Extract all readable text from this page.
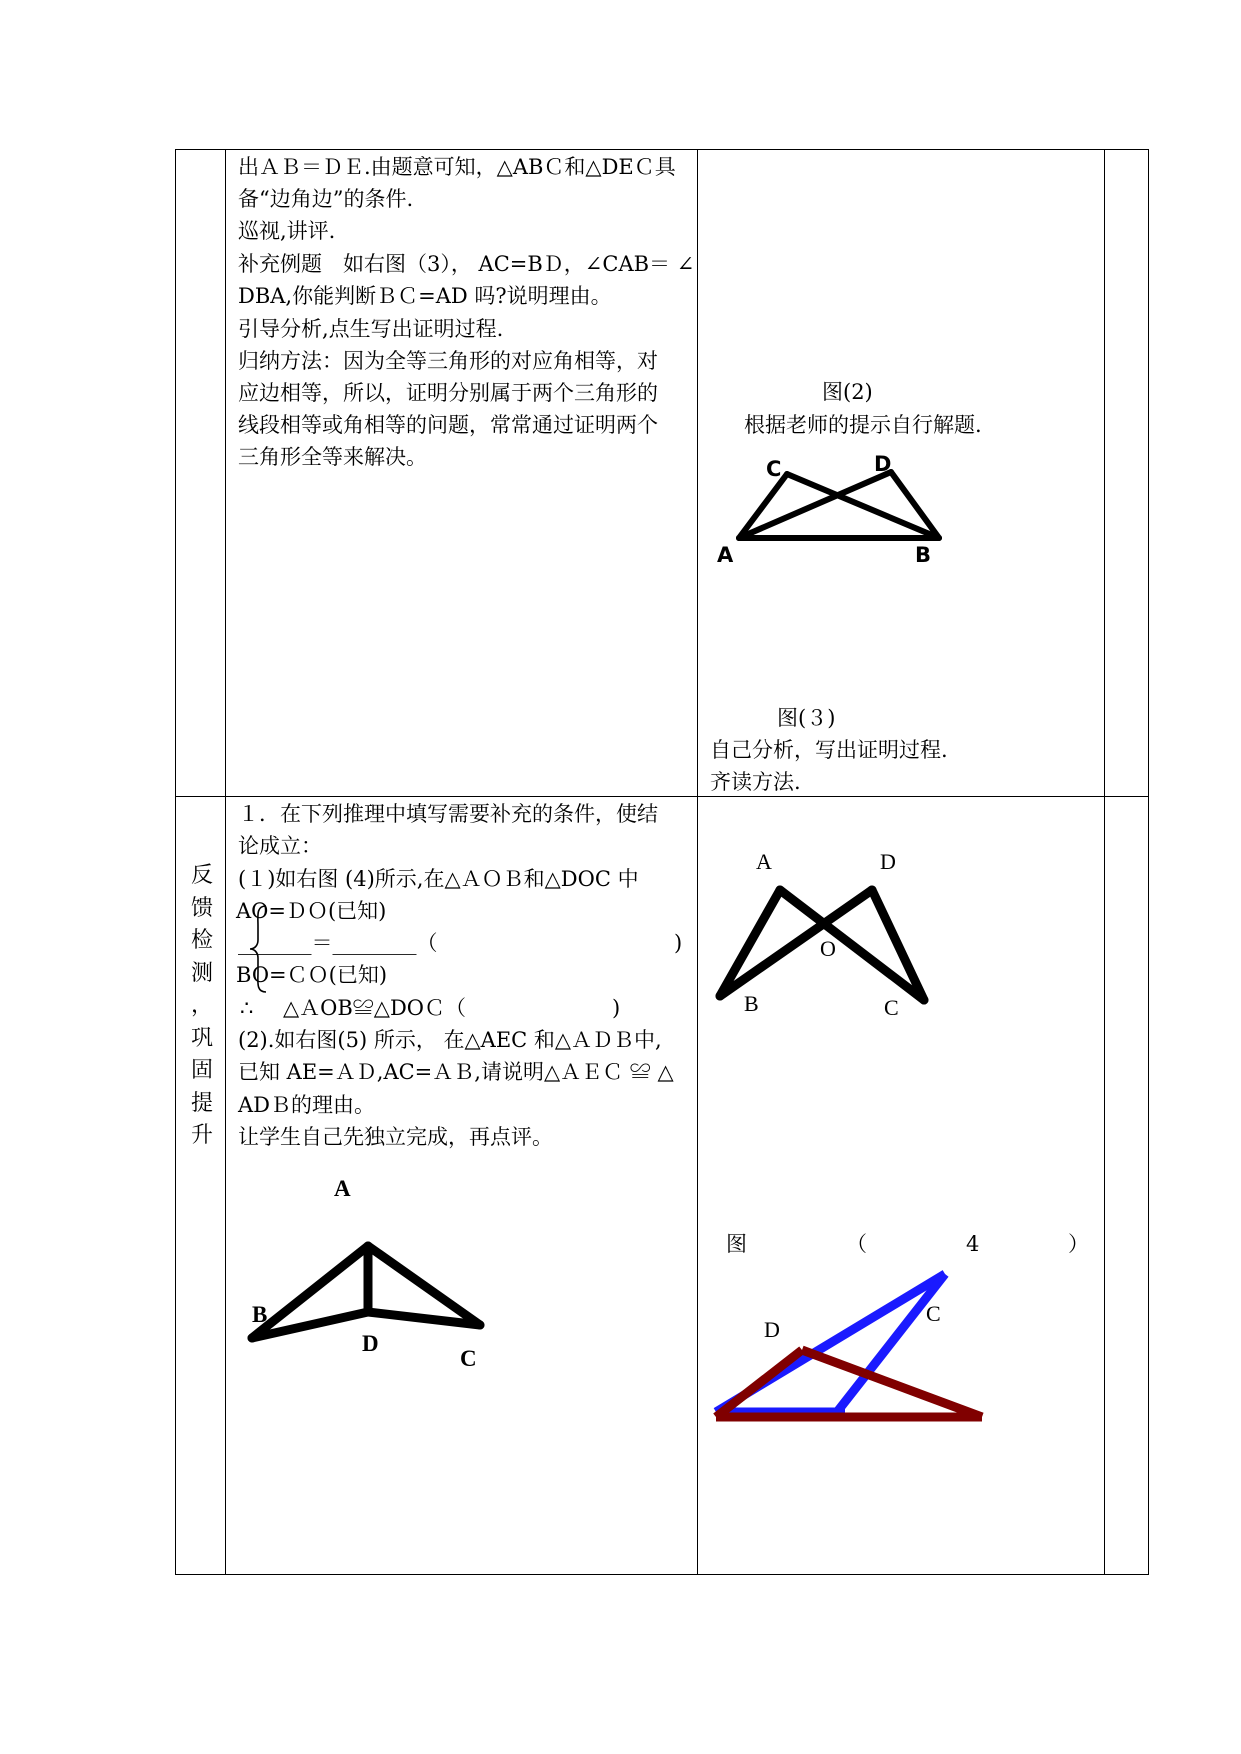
出ＡＢ＝ＤＥ.由题意可知，△ABＣ和△DEＣ具
备“边角边”的条件.
巡视,讲评.
补充例题　如右图（3）， AC=BＤ，∠CAB＝ ∠
DBA,你能判断ＢＣ=AD 吗?说明理由。
引导分析,点生写出证明过程.
归纳方法：因为全等三角形的对应角相等，对
应边相等，所以，证明分别属于两个三角形的
线段相等或角相等的问题，常常通过证明两个
三角形全等来解决。
图(2)
根据老师的提示自行解题.
C	D
A	B
图(３)
自己分析，写出证明过程.
齐读方法.
反
馈
检
测
，
巩
固
提
升
１．在下列推理中填写需要补充的条件，使结
论成立：
(１)如右图 (4)所示,在△ＡＯＢ和△DOC 中
AO=ＤＯ(已知)
_______＝________（	)
BO=ＣＯ(已知)
∴ △ＡOB≌△DOＣ（	)
(2).如右图(5) 所示， 在△AEC 和△ＡＤＢ中,
已知 AE=ＡＤ,AC=ＡＢ,请说明△ＡＥＣ ≌ △
ADＢ的理由。
让学生自己先独立完成，再点评。
A
B
D
C
A	D
O
B	C
图	（	4	）
C
D
